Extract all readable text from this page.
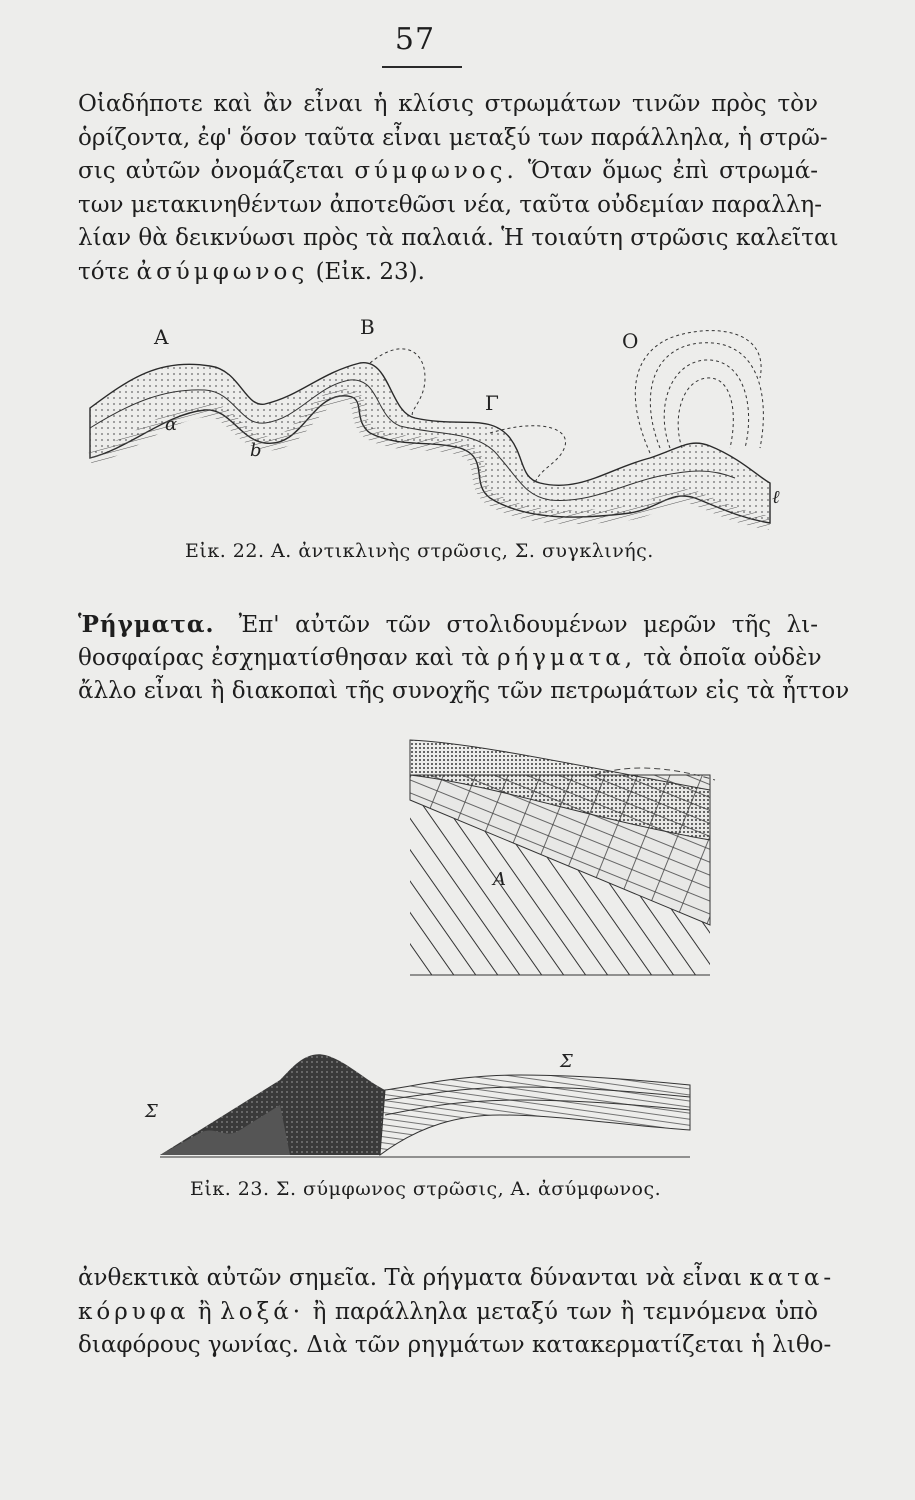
57
Οἱαδήποτε καὶ ἂν εἶναι ἡ κλίσις στρωμάτων τινῶν πρὸς τὸν
ὁρίζοντα, ἐφ' ὅσον ταῦτα εἶναι μεταξύ των παράλληλα, ἡ στρῶ-
σις αὐτῶν ὀνομάζεται σύμφωνος. Ὅταν ὅμως ἐπὶ στρωμά-
των μετακινηθέντων ἀποτεθῶσι νέα, ταῦτα οὐδεμίαν παραλλη-
λίαν θὰ δεικνύωσι πρὸς τὰ παλαιά. Ἡ τοιαύτη στρῶσις καλεῖται
τότε ἀσύμφωνος (Εἰκ. 23).
A	B
O
Γ
α
b
ℓ
Εἰκ. 22. Α. ἀντικλινὴς στρῶσις, Σ. συγκλινής.
Ῥήγματα. Ἐπ' αὐτῶν τῶν στολιδουμένων μερῶν τῆς λι-
θοσφαίρας ἐσχηματίσθησαν καὶ τὰ ρήγματα, τὰ ὁποῖα οὐδὲν
ἄλλο εἶναι ἢ διακοπαὶ τῆς συνοχῆς τῶν πετρωμάτων εἰς τὰ ἧττον
A
Σ
Σ
Εἰκ. 23. Σ. σύμφωνος στρῶσις, Α. ἀσύμφωνος.
ἀνθεκτικὰ αὐτῶν σημεῖα. Τὰ ρήγματα δύνανται νὰ εἶναι κατα-
κόρυφα ἢ λοξά· ἢ παράλληλα μεταξύ των ἢ τεμνόμενα ὑπὸ
διαφόρους γωνίας. Διὰ τῶν ρηγμάτων κατακερματίζεται ἡ λιθο-
